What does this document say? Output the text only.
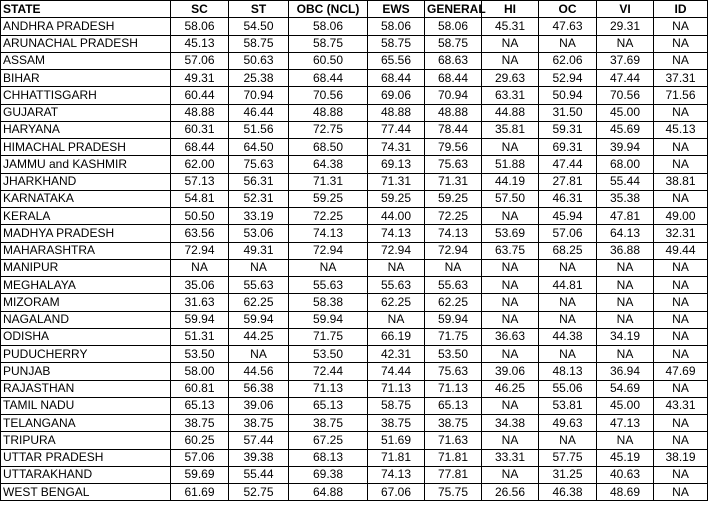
STATE	SC	ST	OBC (NCL)	EWS	GENERAL	HI	OC	VI	ID
ANDHRA PRADESH	58.06	54.50	58.06	58.06	58.06	45.31	47.63	29.31	NA
ARUNACHAL PRADESH	45.13	58.75	58.75	58.75	58.75	NA	NA	NA	NA
ASSAM	57.06	50.63	60.50	65.56	68.63	NA	62.06	37.69	NA
BIHAR	49.31	25.38	68.44	68.44	68.44	29.63	52.94	47.44	37.31
CHHATTISGARH	60.44	70.94	70.56	69.06	70.94	63.31	50.94	70.56	71.56
GUJARAT	48.88	46.44	48.88	48.88	48.88	44.88	31.50	45.00	NA
HARYANA	60.31	51.56	72.75	77.44	78.44	35.81	59.31	45.69	45.13
HIMACHAL PRADESH	68.44	64.50	68.50	74.31	79.56	NA	69.31	39.94	NA
JAMMU and KASHMIR	62.00	75.63	64.38	69.13	75.63	51.88	47.44	68.00	NA
JHARKHAND	57.13	56.31	71.31	71.31	71.31	44.19	27.81	55.44	38.81
KARNATAKA	54.81	52.31	59.25	59.25	59.25	57.50	46.31	35.38	NA
KERALA	50.50	33.19	72.25	44.00	72.25	NA	45.94	47.81	49.00
MADHYA PRADESH	63.56	53.06	74.13	74.13	74.13	53.69	57.06	64.13	32.31
MAHARASHTRA	72.94	49.31	72.94	72.94	72.94	63.75	68.25	36.88	49.44
MANIPUR	NA	NA	NA	NA	NA	NA	NA	NA	NA
MEGHALAYA	35.06	55.63	55.63	55.63	55.63	NA	44.81	NA	NA
MIZORAM	31.63	62.25	58.38	62.25	62.25	NA	NA	NA	NA
NAGALAND	59.94	59.94	59.94	NA	59.94	NA	NA	NA	NA
ODISHA	51.31	44.25	71.75	66.19	71.75	36.63	44.38	34.19	NA
PUDUCHERRY	53.50	NA	53.50	42.31	53.50	NA	NA	NA	NA
PUNJAB	58.00	44.56	72.44	74.44	75.63	39.06	48.13	36.94	47.69
RAJASTHAN	60.81	56.38	71.13	71.13	71.13	46.25	55.06	54.69	NA
TAMIL NADU	65.13	39.06	65.13	58.75	65.13	NA	53.81	45.00	43.31
TELANGANA	38.75	38.75	38.75	38.75	38.75	34.38	49.63	47.13	NA
TRIPURA	60.25	57.44	67.25	51.69	71.63	NA	NA	NA	NA
UTTAR PRADESH	57.06	39.38	68.13	71.81	71.81	33.31	57.75	45.19	38.19
UTTARAKHAND	59.69	55.44	69.38	74.13	77.81	NA	31.25	40.63	NA
WEST BENGAL	61.69	52.75	64.88	67.06	75.75	26.56	46.38	48.69	NA
